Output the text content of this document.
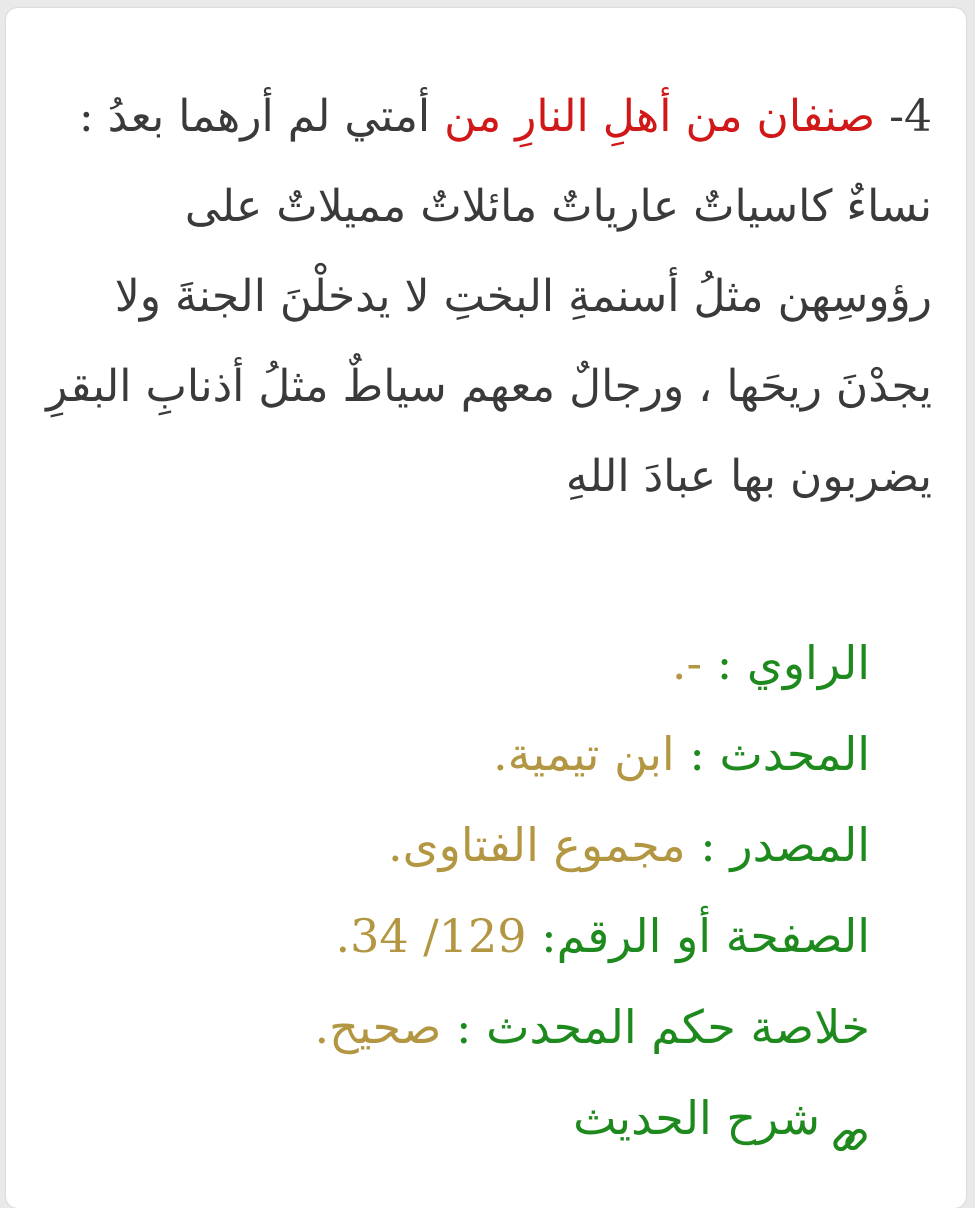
4- صنفان من أهلِ النارِ من أمتي لم أرهما بعدُ : نساءٌ كاسياتٌ عارياتٌ مائلاتٌ مميلاتٌ على رؤوسِهن مثلُ أسنمةِ البختِ لا يدخلْنَ الجنةَ ولا يجدْنَ ريحَها ، ورجالٌ معهم سياطٌ مثلُ أذنابِ البقرِ يضربون بها عبادَ اللهِ
الراوي : -.
المحدث : ابن تيمية.
المصدر : مجموع الفتاوى.
الصفحة أو الرقم: 129/ 34.
خلاصة حكم المحدث : صحيح.
شرح الحديث
